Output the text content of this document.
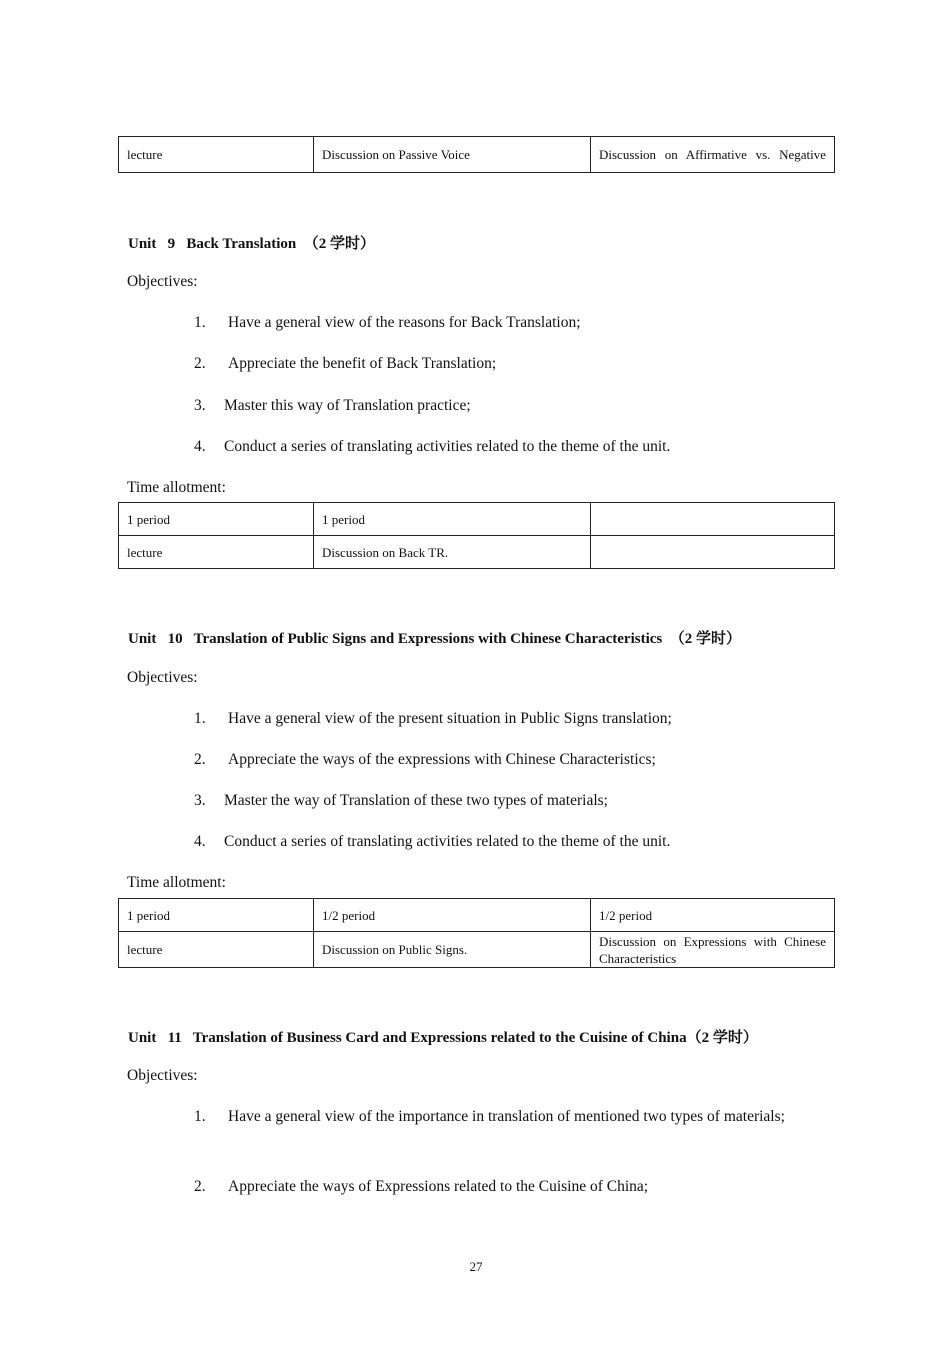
lecture	Discussion on Passive Voice	Discussion on Affirmative vs. Negative
Unit   9   Back Translation  （2 学时）
Objectives:
1. Have a general view of the reasons for Back Translation;
2. Appreciate the benefit of Back Translation;
3. Master this way of Translation practice;
4. Conduct a series of translating activities related to the theme of the unit.
Time allotment:
1 period	1 period	
lecture	Discussion on Back TR.	
Unit   10   Translation of Public Signs and Expressions with Chinese Characteristics  （2 学时）
Objectives:
1. Have a general view of the present situation in Public Signs translation;
2. Appreciate the ways of the expressions with Chinese Characteristics;
3. Master the way of Translation of these two types of materials;
4. Conduct a series of translating activities related to the theme of the unit.
Time allotment:
1 period	1/2 period	1/2 period
lecture	Discussion on Public Signs.	Discussion on Expressions with Chinese Characteristics
Unit   11   Translation of Business Card and Expressions related to the Cuisine of China（2 学时）
Objectives:
1. Have a general view of the importance in translation of mentioned two types of materials;
2. Appreciate the ways of Expressions related to the Cuisine of China;
27
